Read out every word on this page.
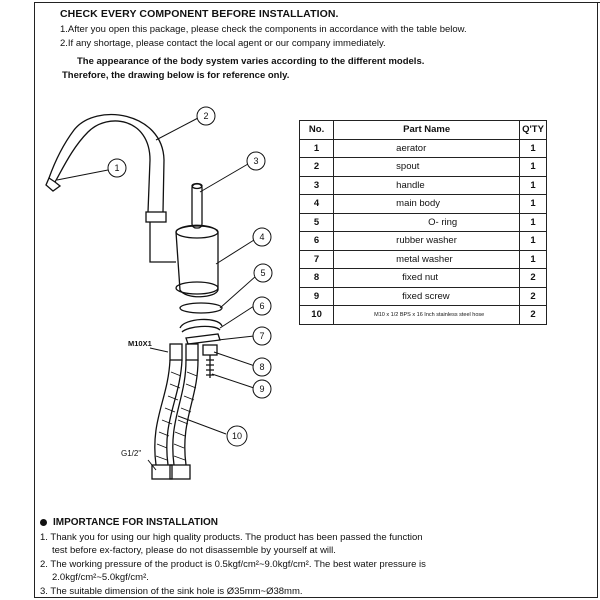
CHECK EVERY COMPONENT BEFORE INSTALLATION.
1.After you open this package, please check the components in accordance with the table below.
2.If any shortage, please contact the local agent or our company immediately.
The appearance of the body system varies according to the different models.
Therefore, the drawing below is for reference only.
No.	Part Name	Q'TY
1	aerator	1
2	spout	1
3	handle	1
4	main body	1
5	O- ring	1
6	rubber washer	1
7	metal washer	1
8	fixed nut	2
9	fixed screw	2
10	M10 x 1/2 BPS x 16 Inch stainless steel hose	2
1
2
3
4
5
6
7
8
9
10
M10X1
G1/2"
IMPORTANCE FOR INSTALLATION
1. Thank you for using our high quality products. The product has been passed the function
test before ex-factory, please do not disassemble by yourself at will.
2. The working pressure of the product is 0.5kgf/cm²~9.0kgf/cm². The best water pressure is
2.0kgf/cm²~5.0kgf/cm².
3. The suitable dimension of the sink hole is Ø35mm~Ø38mm.
